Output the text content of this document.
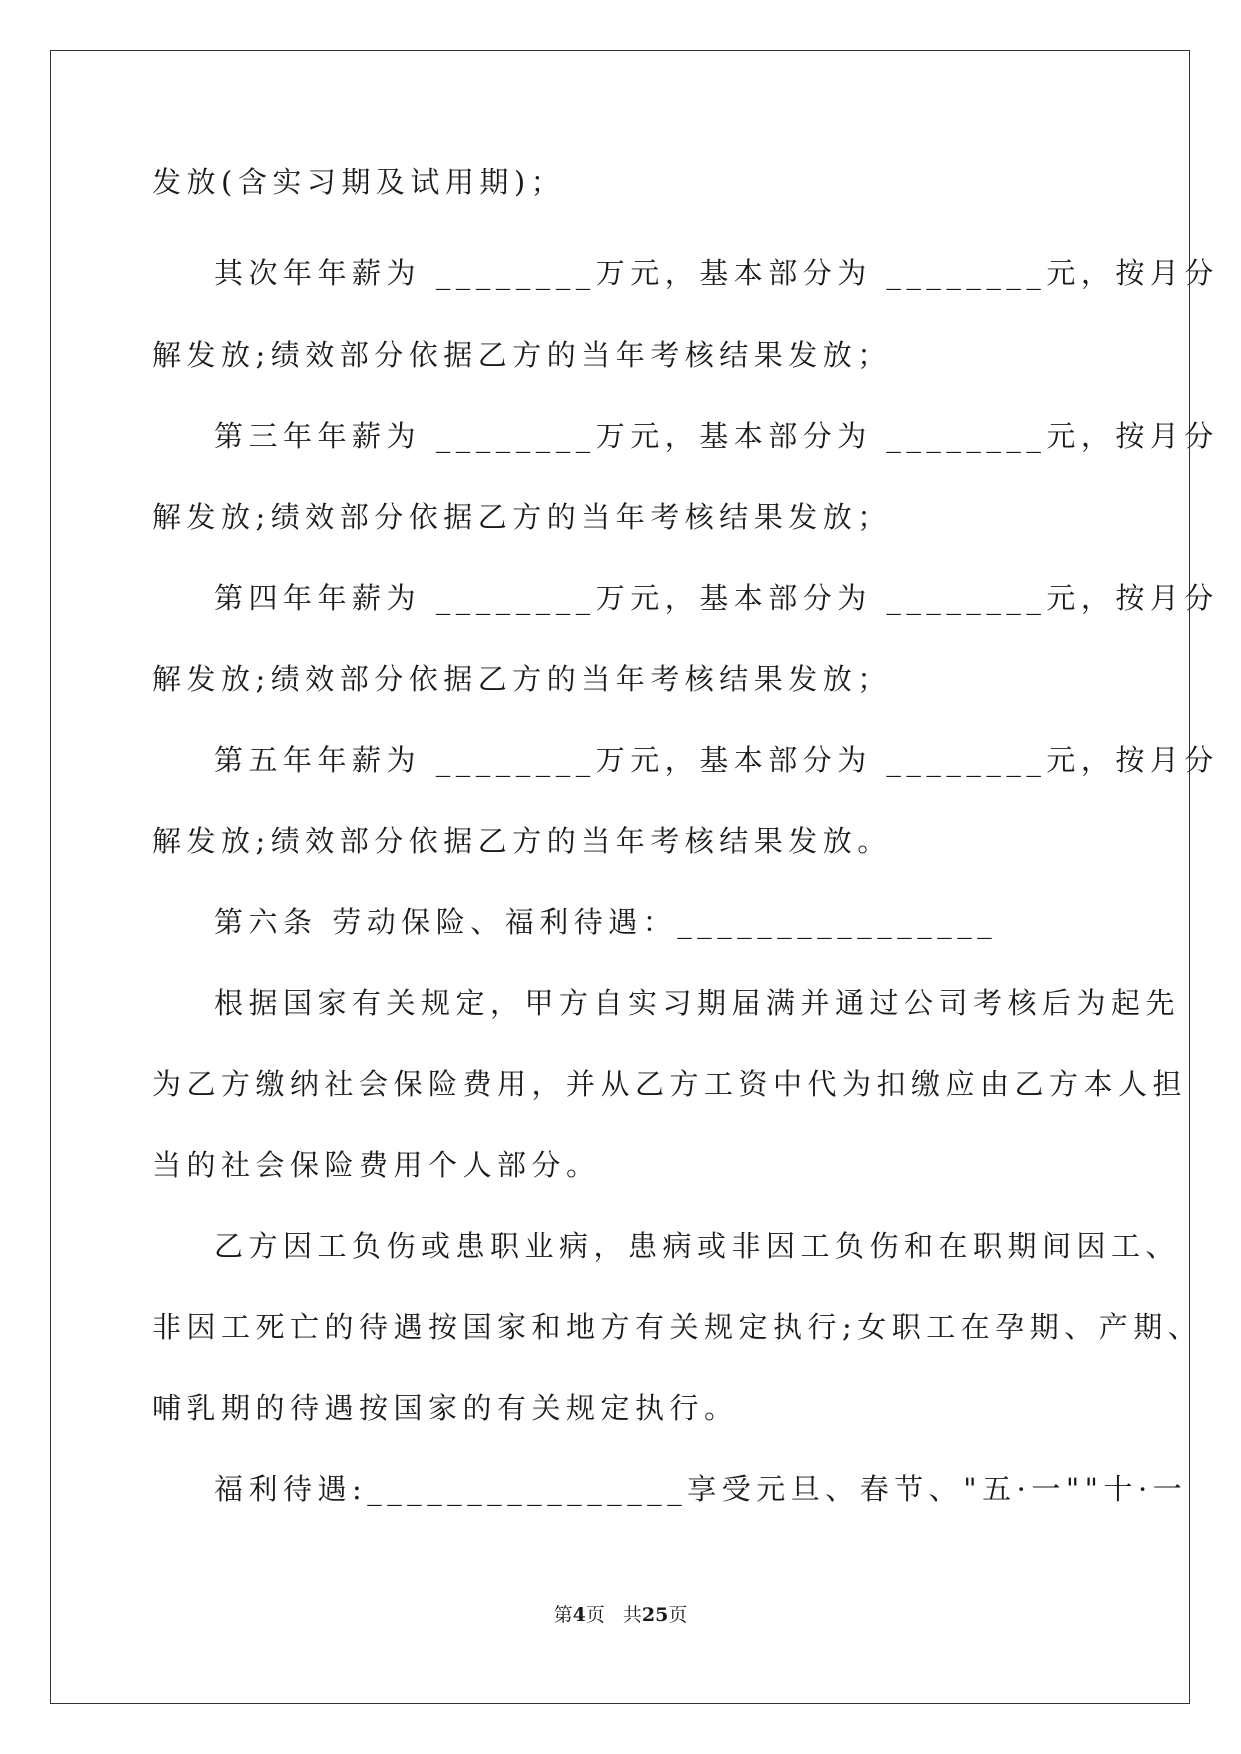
发放(含实习期及试用期)；
其次年年薪为 ________万元，基本部分为 ________元，按月分
解发放;绩效部分依据乙方的当年考核结果发放；
第三年年薪为 ________万元，基本部分为 ________元，按月分
解发放;绩效部分依据乙方的当年考核结果发放；
第四年年薪为 ________万元，基本部分为 ________元，按月分
解发放;绩效部分依据乙方的当年考核结果发放；
第五年年薪为 ________万元，基本部分为 ________元，按月分
解发放;绩效部分依据乙方的当年考核结果发放。
第六条 劳动保险、福利待遇：________________
根据国家有关规定，甲方自实习期届满并通过公司考核后为起先
为乙方缴纳社会保险费用，并从乙方工资中代为扣缴应由乙方本人担
当的社会保险费用个人部分。
乙方因工负伤或患职业病，患病或非因工负伤和在职期间因工、
非因工死亡的待遇按国家和地方有关规定执行;女职工在孕期、产期、
哺乳期的待遇按国家的有关规定执行。
福利待遇:________________享受元旦、春节、"五·一""十·一
第4页 共25页
